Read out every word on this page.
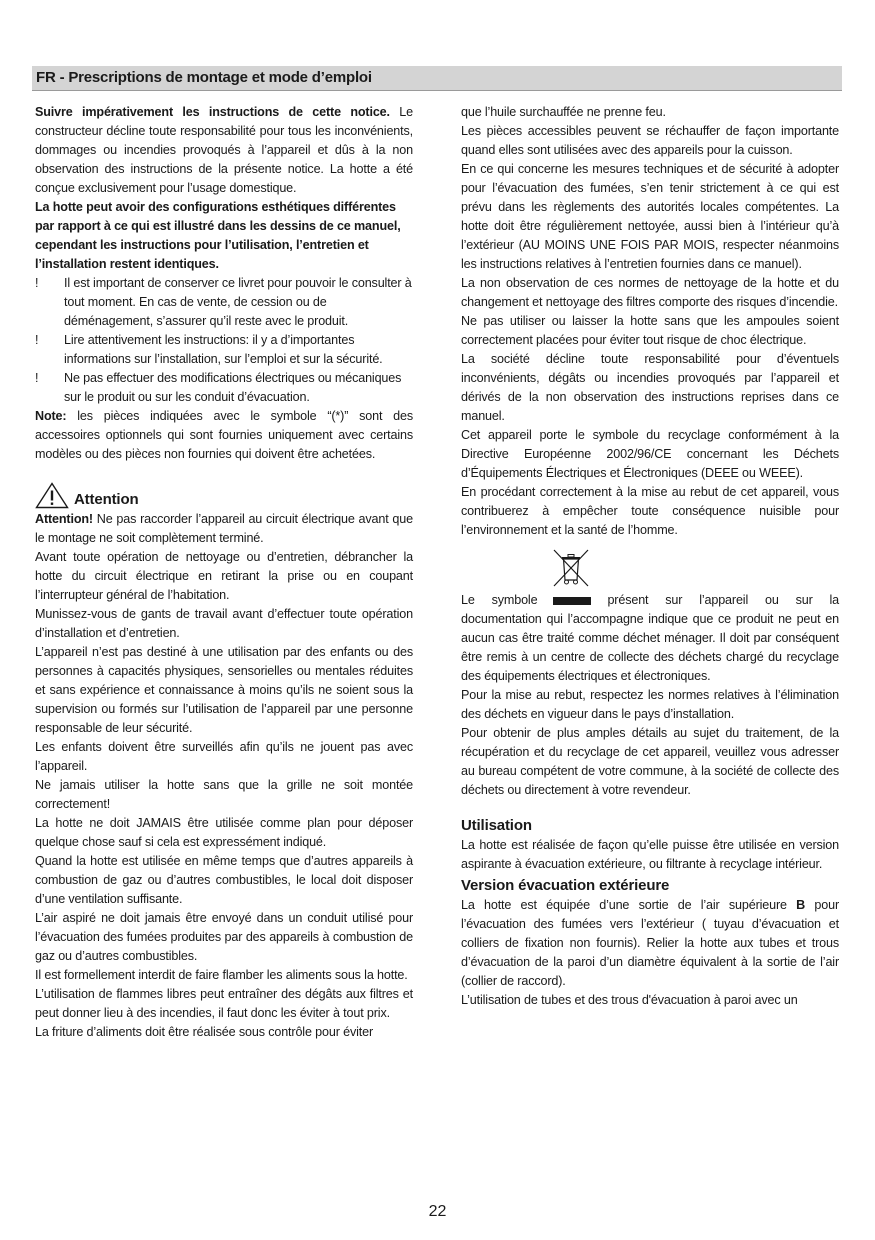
FR - Prescriptions de montage et mode d’emploi

Suivre impérativement les instructions de cette notice. Le constructeur décline toute responsabilité pour tous les inconvénients, dommages ou incendies provoqués à l’appareil et dûs à la non observation des instructions de la présente notice. La hotte a été conçue exclusivement pour l’usage domestique.

La hotte peut avoir des configurations esthétiques différentes par rapport à ce qui est illustré dans les dessins de ce manuel, cependant les instructions pour l’utilisation, l’entretien et l’installation restent identiques.

! Il est important de conserver ce livret pour pouvoir le consulter à tout moment. En cas de vente, de cession ou de déménagement, s’assurer qu’il reste avec le produit.
! Lire attentivement les instructions: il y a d’importantes informations sur l’installation, sur l’emploi et sur la sécurité.
! Ne pas effectuer des modifications électriques ou mécaniques sur le produit ou sur les conduit d’évacuation.

Note: les pièces indiquées avec le symbole “(*)” sont des accessoires optionnels qui sont fournies uniquement avec certains modèles ou des pièces non fournies qui doivent être achetées.

Attention

Attention! Ne pas raccorder l’appareil au circuit électrique avant que le montage ne soit complètement terminé.

Avant toute opération de nettoyage ou d’entretien, débrancher la hotte du circuit électrique en retirant la prise ou en coupant l’interrupteur général de l’habitation.

Munissez-vous de gants de travail avant d’effectuer toute opération d’installation et d’entretien.

L’appareil n’est pas destiné à une utilisation par des enfants ou des personnes à capacités physiques, sensorielles ou mentales réduites et sans expérience et connaissance à moins qu’ils ne soient sous la supervision ou formés sur l’utilisation de l’appareil par une personne responsable de leur sécurité.

Les enfants doivent être surveillés afin qu’ils ne jouent pas avec l’appareil.

Ne jamais utiliser la hotte sans que la grille ne soit montée correctement!

La hotte ne doit JAMAIS être utilisée comme plan pour déposer quelque chose sauf si cela est expressément indiqué.

Quand la hotte est utilisée en même temps que d’autres appareils à combustion de gaz ou d’autres combustibles, le local doit disposer d’une ventilation suffisante.

L’air aspiré ne doit jamais être envoyé dans un conduit utilisé pour l’évacuation des fumées produites par des appareils à combustion de gaz ou d’autres combustibles.

Il est formellement interdit de faire flamber les aliments sous la hotte.

L’utilisation de flammes libres peut entraîner des dégâts aux filtres et peut donner lieu à des incendies, il faut donc les éviter à tout prix.

La friture d’aliments doit être réalisée sous contrôle pour éviter

que l’huile surchauffée ne prenne feu.

Les pièces accessibles peuvent se réchauffer de façon importante quand elles sont utilisées avec des appareils pour la cuisson.

En ce qui concerne les mesures techniques et de sécurité à adopter pour l’évacuation des fumées, s’en tenir strictement à ce qui est prévu dans les règlements des autorités locales compétentes. La hotte doit être régulièrement nettoyée, aussi bien à l’intérieur qu’à l’extérieur (AU MOINS UNE FOIS PAR MOIS, respecter néanmoins les instructions relatives à l’entretien fournies dans ce manuel).

La non observation de ces normes de nettoyage de la hotte et du changement et nettoyage des filtres comporte des risques d’incendie.

Ne pas utiliser ou laisser la hotte sans que les ampoules soient correctement placées pour éviter tout risque de choc électrique.

La société décline toute responsabilité pour d’éventuels inconvénients, dégâts ou incendies provoqués par l’appareil et dérivés de la non observation des instructions reprises dans ce manuel.

Cet appareil porte le symbole du recyclage conformément à la Directive Européenne 2002/96/CE concernant les Déchets d’Équipements Électriques et Électroniques (DEEE ou WEEE).

En procédant correctement à la mise au rebut de cet appareil, vous contribuerez à empêcher toute conséquence nuisible pour l’environnement et la santé de l’homme.

Le symbole	présent sur l’appareil ou sur la documentation qui l’accompagne indique que ce produit ne peut en aucun cas être traité comme déchet ménager. Il doit par conséquent être remis à un centre de collecte des déchets chargé du recyclage des équipements électriques et électroniques.

Pour la mise au rebut, respectez les normes relatives à l’élimination des déchets en vigueur dans le pays d’installation.

Pour obtenir de plus amples détails au sujet du traitement, de la récupération et du recyclage de cet appareil, veuillez vous adresser au bureau compétent de votre commune, à la société de collecte des déchets ou directement à votre revendeur.

Utilisation

La hotte est réalisée de façon qu’elle puisse être utilisée en version aspirante à évacuation extérieure, ou filtrante à recyclage intérieur.

Version évacuation extérieure

La hotte est équipée d’une sortie de l’air supérieure B pour l’évacuation des fumées vers l’extérieur ( tuyau d’évacuation et colliers de fixation non fournis). Relier la hotte aux tubes et trous d’évacuation de la paroi d’un diamètre équivalent à la sortie de l’air (collier de raccord).

L’utilisation de tubes et des trous d'évacuation à paroi avec un

22
